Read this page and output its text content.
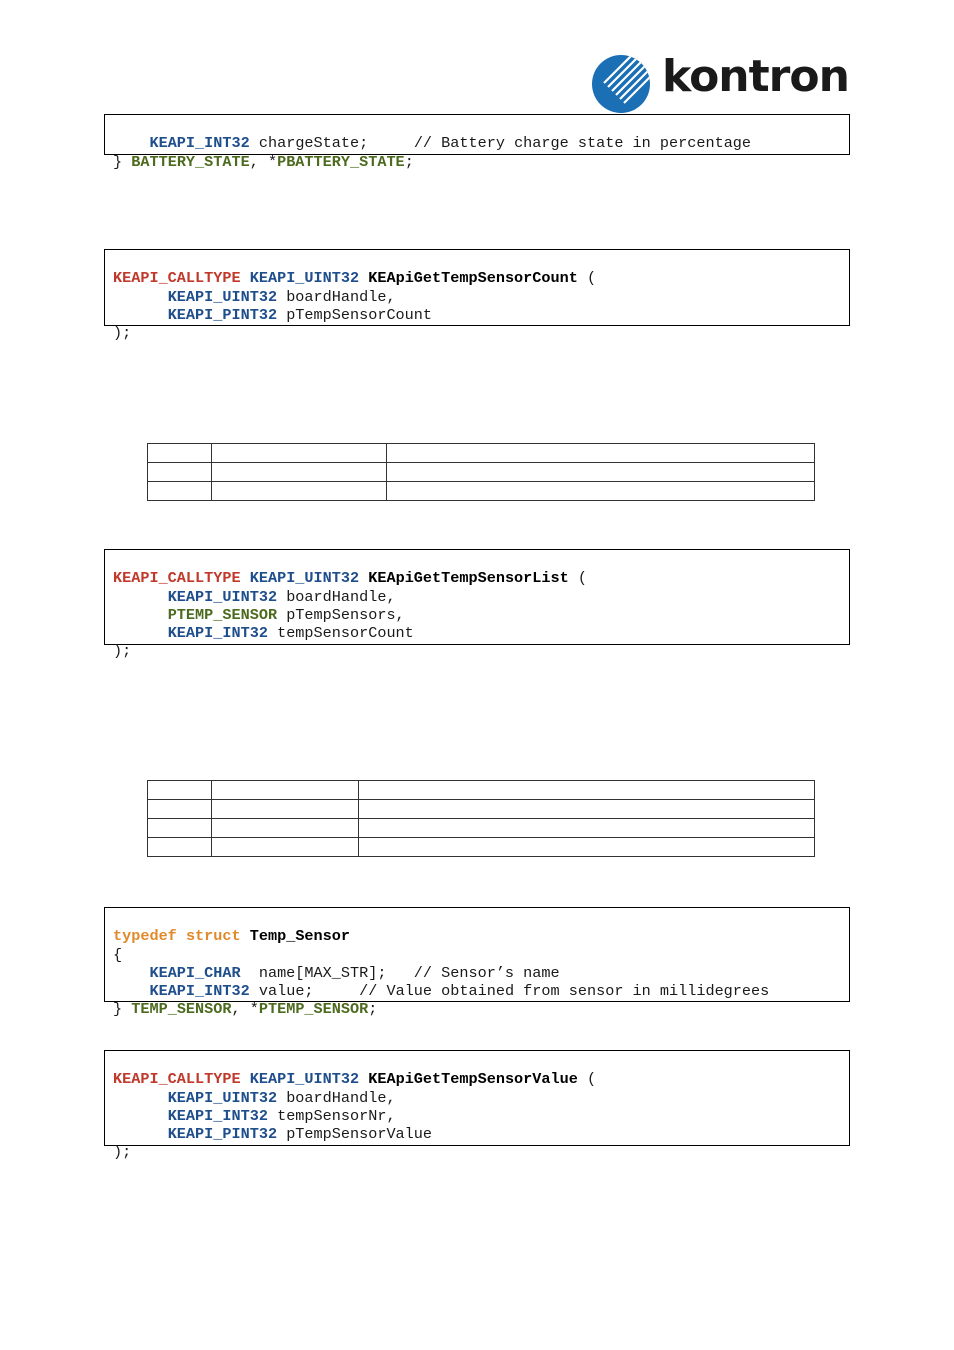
kontron

KEAPI_INT32 chargeState;	// Battery charge state in percentage
} BATTERY_STATE, *PBATTERY_STATE;

KEAPI_CALLTYPE KEAPI_UINT32 KEApiGetTempSensorCount (
KEAPI_UINT32 boardHandle,
KEAPI_PINT32 pTempSensorCount
);

KEAPI_CALLTYPE KEAPI_UINT32 KEApiGetTempSensorList (
KEAPI_UINT32 boardHandle,
PTEMP_SENSOR pTempSensors,
KEAPI_INT32 tempSensorCount
);

typedef struct Temp_Sensor
{
KEAPI_CHAR name[MAX_STR]; // Sensor’s name
KEAPI_INT32 value;	// Value obtained from sensor in millidegrees
} TEMP_SENSOR, *PTEMP_SENSOR;

KEAPI_CALLTYPE KEAPI_UINT32 KEApiGetTempSensorValue (
KEAPI_UINT32 boardHandle,
KEAPI_INT32 tempSensorNr,
KEAPI_PINT32 pTempSensorValue
);
